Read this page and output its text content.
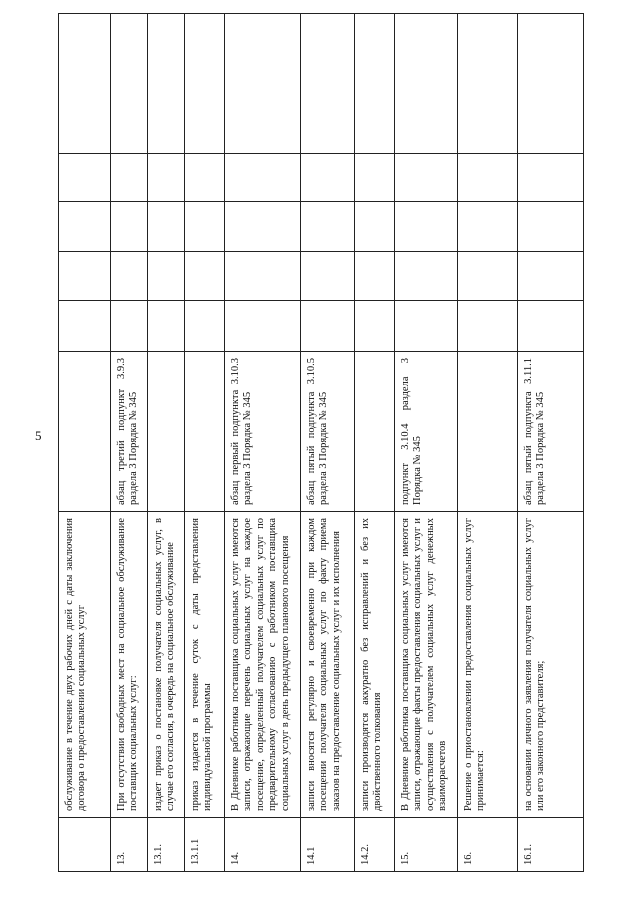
5
	обслуживание в течение двух рабочих дней с даты заключения договора о предоставлении социальных услуг						
13.	При отсутствии свободных мест на социальное обслуживание поставщик социальных услуг:	абзац третий подпункт 3.9.3 раздела 3 Порядка № 345					
13.1.	издает приказ о постановке получателя социальных услуг, в случае его согласия, в очередь на социальное обслуживание						
13.1.1	приказ издается в течение суток с даты представления индивидуальной программы						
14.	В Дневнике работника поставщика социальных услуг имеются записи, отражающие перечень социальных услуг на каждое посещение, определенный получателем социальных услуг по предварительному согласованию с работником поставщика социальных услуг в день предыдущего планового посещения	абзац первый подпункта 3.10.3 раздела 3 Порядка № 345					
14.1	записи вносятся регулярно и своевременно при каждом посещении получателя социальных услуг по факту приема заказов на предоставление социальных услуг и их исполнения	абзац пятый подпункта 3.10.5 раздела 3 Порядка № 345					
14.2.	записи производятся аккуратно без исправлений и без их двойственного толкования						
15.	В Дневнике работника поставщика социальных услуг имеются записи, отражающие факты предоставления социальных услуг и осуществления с получателем социальных услуг денежных взаиморасчетов	подпункт 3.10.4 раздела 3 Порядка № 345					
16.	Решение о приостановлении предоставления социальных услуг принимается:						
16.1.	на основании личного заявления получателя социальных услуг или его законного представителя;	абзац пятый подпункта 3.11.1 раздела 3 Порядка № 345					
